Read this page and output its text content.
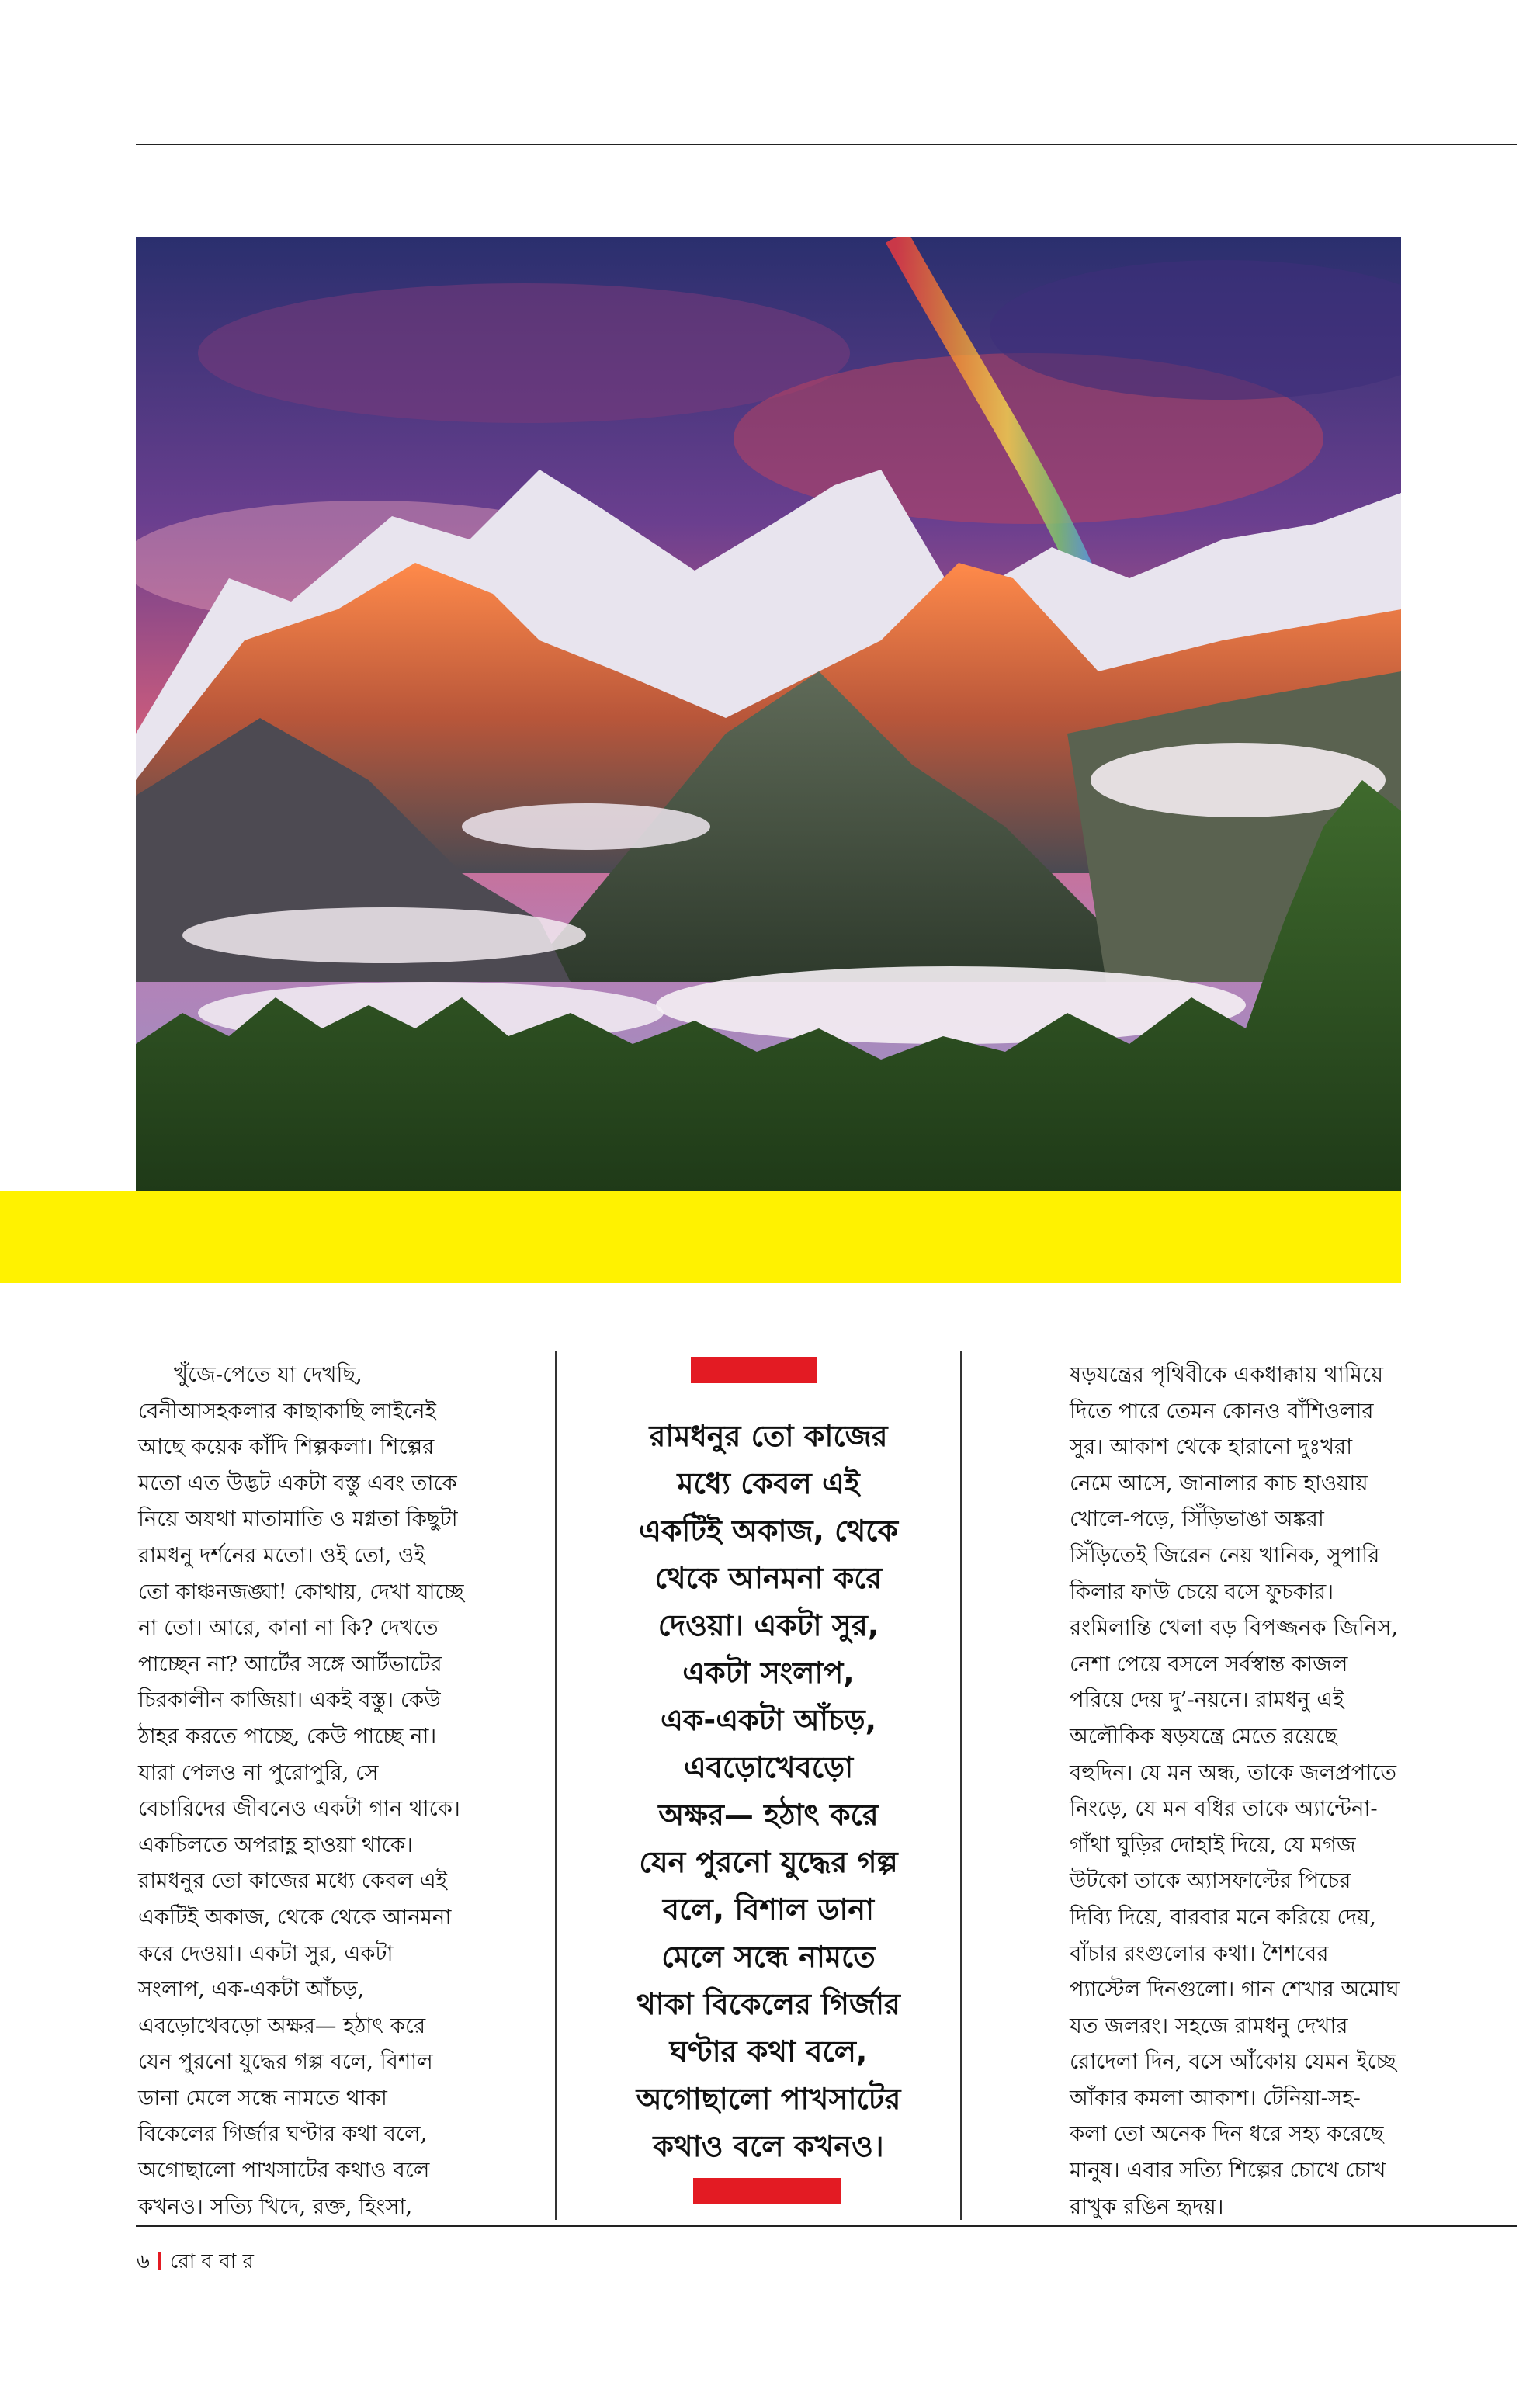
খুঁজে-পেতে যা দেখছি,
বেনীআসহকলার কাছাকাছি লাইনেই
আছে কয়েক কাঁদি শিল্পকলা। শিল্পের
মতো এত উদ্ভট একটা বস্তু এবং তাকে
নিয়ে অযথা মাতামাতি ও মগ্নতা কিছুটা
রামধনু দর্শনের মতো। ওই তো, ওই
তো কাঞ্চনজঙ্ঘা! কোথায়, দেখা যাচ্ছে
না তো। আরে, কানা না কি? দেখতে
পাচ্ছেন না? আর্টের সঙ্গে আর্টভাটের
চিরকালীন কাজিয়া। একই বস্তু। কেউ
ঠাহর করতে পাচ্ছে, কেউ পাচ্ছে না।
যারা পেলও না পুরোপুরি, সে
বেচারিদের জীবনেও একটা গান থাকে।
একচিলতে অপরাহ্ণ হাওয়া থাকে।
রামধনুর তো কাজের মধ্যে কেবল এই
একটিই অকাজ, থেকে থেকে আনমনা
করে দেওয়া। একটা সুর, একটা
সংলাপ, এক-একটা আঁচড়,
এবড়োখেবড়ো অক্ষর— হঠাৎ করে
যেন পুরনো যুদ্ধের গল্প বলে, বিশাল
ডানা মেলে সন্ধে নামতে থাকা
বিকেলের গির্জার ঘণ্টার কথা বলে,
অগোছালো পাখসাটের কথাও বলে
কখনও। সত্যি খিদে, রক্ত, হিংসা,
রামধনুর তো কাজের
মধ্যে কেবল এই
একটিই অকাজ, থেকে
থেকে আনমনা করে
দেওয়া। একটা সুর,
একটা সংলাপ,
এক-একটা আঁচড়,
এবড়োখেবড়ো
অক্ষর— হঠাৎ করে
যেন পুরনো যুদ্ধের গল্প
বলে, বিশাল ডানা
মেলে সন্ধে নামতে
থাকা বিকেলের গির্জার
ঘণ্টার কথা বলে,
অগোছালো পাখসাটের
কথাও বলে কখনও।
ষড়যন্ত্রের পৃথিবীকে একধাক্কায় থামিয়ে
দিতে পারে তেমন কোনও বাঁশিওলার
সুর। আকাশ থেকে হারানো দুঃখরা
নেমে আসে, জানালার কাচ হাওয়ায়
খোলে-পড়ে, সিঁড়িভাঙা অঙ্করা
সিঁড়িতেই জিরেন নেয় খানিক, সুপারি
কিলার ফাউ চেয়ে বসে ফুচকার।
রংমিলান্তি খেলা বড় বিপজ্জনক জিনিস,
নেশা পেয়ে বসলে সর্বস্বান্ত কাজল
পরিয়ে দেয় দু’-নয়নে। রামধনু এই
অলৌকিক ষড়যন্ত্রে মেতে রয়েছে
বহুদিন। যে মন অন্ধ, তাকে জলপ্রপাতে
নিংড়ে, যে মন বধির তাকে অ্যান্টেনা-
গাঁথা ঘুড়ির দোহাই দিয়ে, যে মগজ
উটকো তাকে অ্যাসফাল্টের পিচের
দিব্যি দিয়ে, বারবার মনে করিয়ে দেয়,
বাঁচার রংগুলোর কথা। শৈশবের
প্যাস্টেল দিনগুলো। গান শেখার অমোঘ
যত জলরং। সহজে রামধনু দেখার
রোদেলা দিন, বসে আঁকোয় যেমন ইচ্ছে
আঁকার কমলা আকাশ। টেনিয়া-সহ-
কলা তো অনেক দিন ধরে সহ্য করেছে
মানুষ। এবার সত্যি শিল্পের চোখে চোখ
রাখুক রঙিন হৃদয়।
৬ রো ব বা র
